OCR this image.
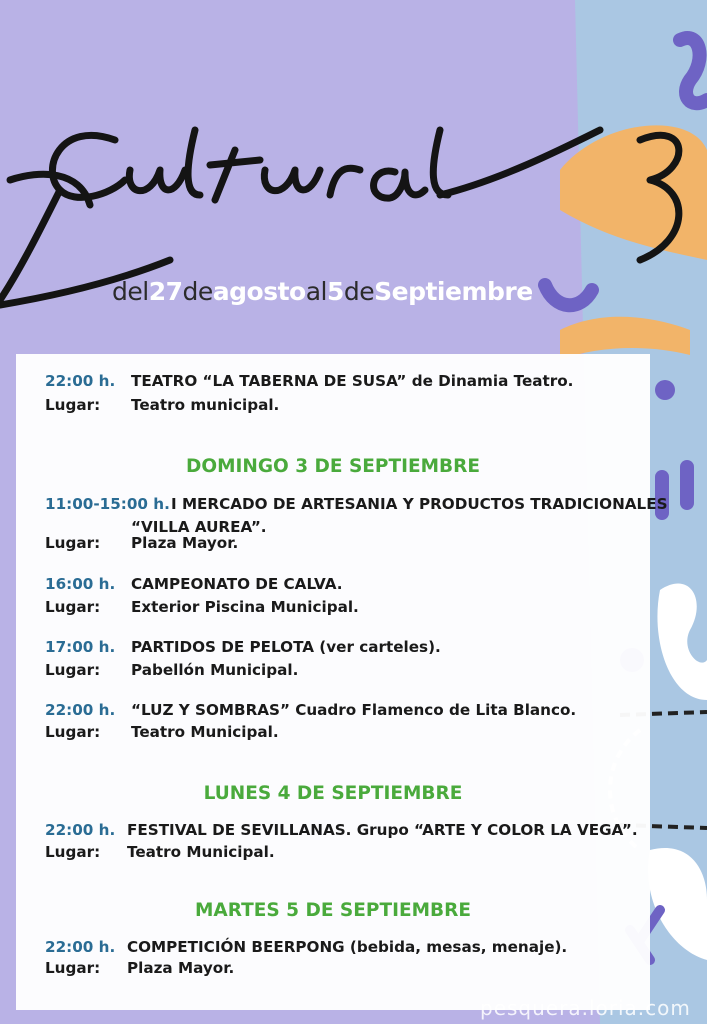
del27deagostoal5deSeptiembre
22:00 h. TEATRO “LA TABERNA DE SUSA” de Dinamia Teatro.
Lugar: Teatro municipal.
DOMINGO 3 DE SEPTIEMBRE
11:00-15:00 h. I MERCADO DE ARTESANIA Y PRODUCTOS TRADICIONALES
“VILLA AUREA”.
Lugar: Plaza Mayor.
16:00 h. CAMPEONATO DE CALVA.
Lugar: Exterior Piscina Municipal.
17:00 h. PARTIDOS DE PELOTA (ver carteles).
Lugar: Pabellón Municipal.
22:00 h. “LUZ Y SOMBRAS” Cuadro Flamenco de Lita Blanco.
Lugar: Teatro Municipal.
LUNES 4 DE SEPTIEMBRE
22:00 h. FESTIVAL DE SEVILLANAS. Grupo “ARTE Y COLOR LA VEGA”.
Lugar: Teatro Municipal.
MARTES 5 DE SEPTIEMBRE
22:00 h. COMPETICIÓN BEERPONG (bebida, mesas, menaje).
Lugar: Plaza Mayor.
pesquera.loria.com
